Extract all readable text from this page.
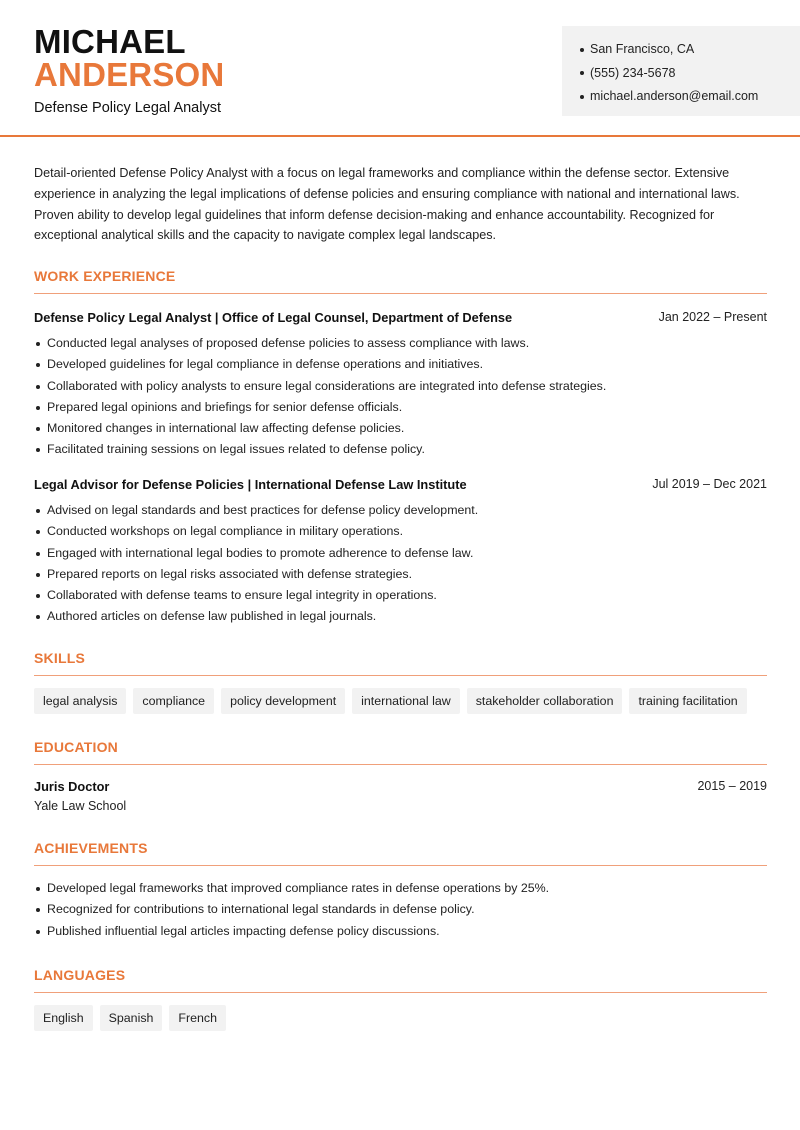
MICHAEL
ANDERSON
Defense Policy Legal Analyst
San Francisco, CA
(555) 234-5678
michael.anderson@email.com
Detail-oriented Defense Policy Analyst with a focus on legal frameworks and compliance within the defense sector. Extensive experience in analyzing the legal implications of defense policies and ensuring compliance with national and international laws. Proven ability to develop legal guidelines that inform defense decision-making and enhance accountability. Recognized for exceptional analytical skills and the capacity to navigate complex legal landscapes.
WORK EXPERIENCE
Defense Policy Legal Analyst | Office of Legal Counsel, Department of Defense	Jan 2022 – Present
Conducted legal analyses of proposed defense policies to assess compliance with laws.
Developed guidelines for legal compliance in defense operations and initiatives.
Collaborated with policy analysts to ensure legal considerations are integrated into defense strategies.
Prepared legal opinions and briefings for senior defense officials.
Monitored changes in international law affecting defense policies.
Facilitated training sessions on legal issues related to defense policy.
Legal Advisor for Defense Policies | International Defense Law Institute	Jul 2019 – Dec 2021
Advised on legal standards and best practices for defense policy development.
Conducted workshops on legal compliance in military operations.
Engaged with international legal bodies to promote adherence to defense law.
Prepared reports on legal risks associated with defense strategies.
Collaborated with defense teams to ensure legal integrity in operations.
Authored articles on defense law published in legal journals.
SKILLS
legal analysis	compliance	policy development	international law	stakeholder collaboration	training facilitation
EDUCATION
Juris Doctor	2015 – 2019
Yale Law School
ACHIEVEMENTS
Developed legal frameworks that improved compliance rates in defense operations by 25%.
Recognized for contributions to international legal standards in defense policy.
Published influential legal articles impacting defense policy discussions.
LANGUAGES
English	Spanish	French
